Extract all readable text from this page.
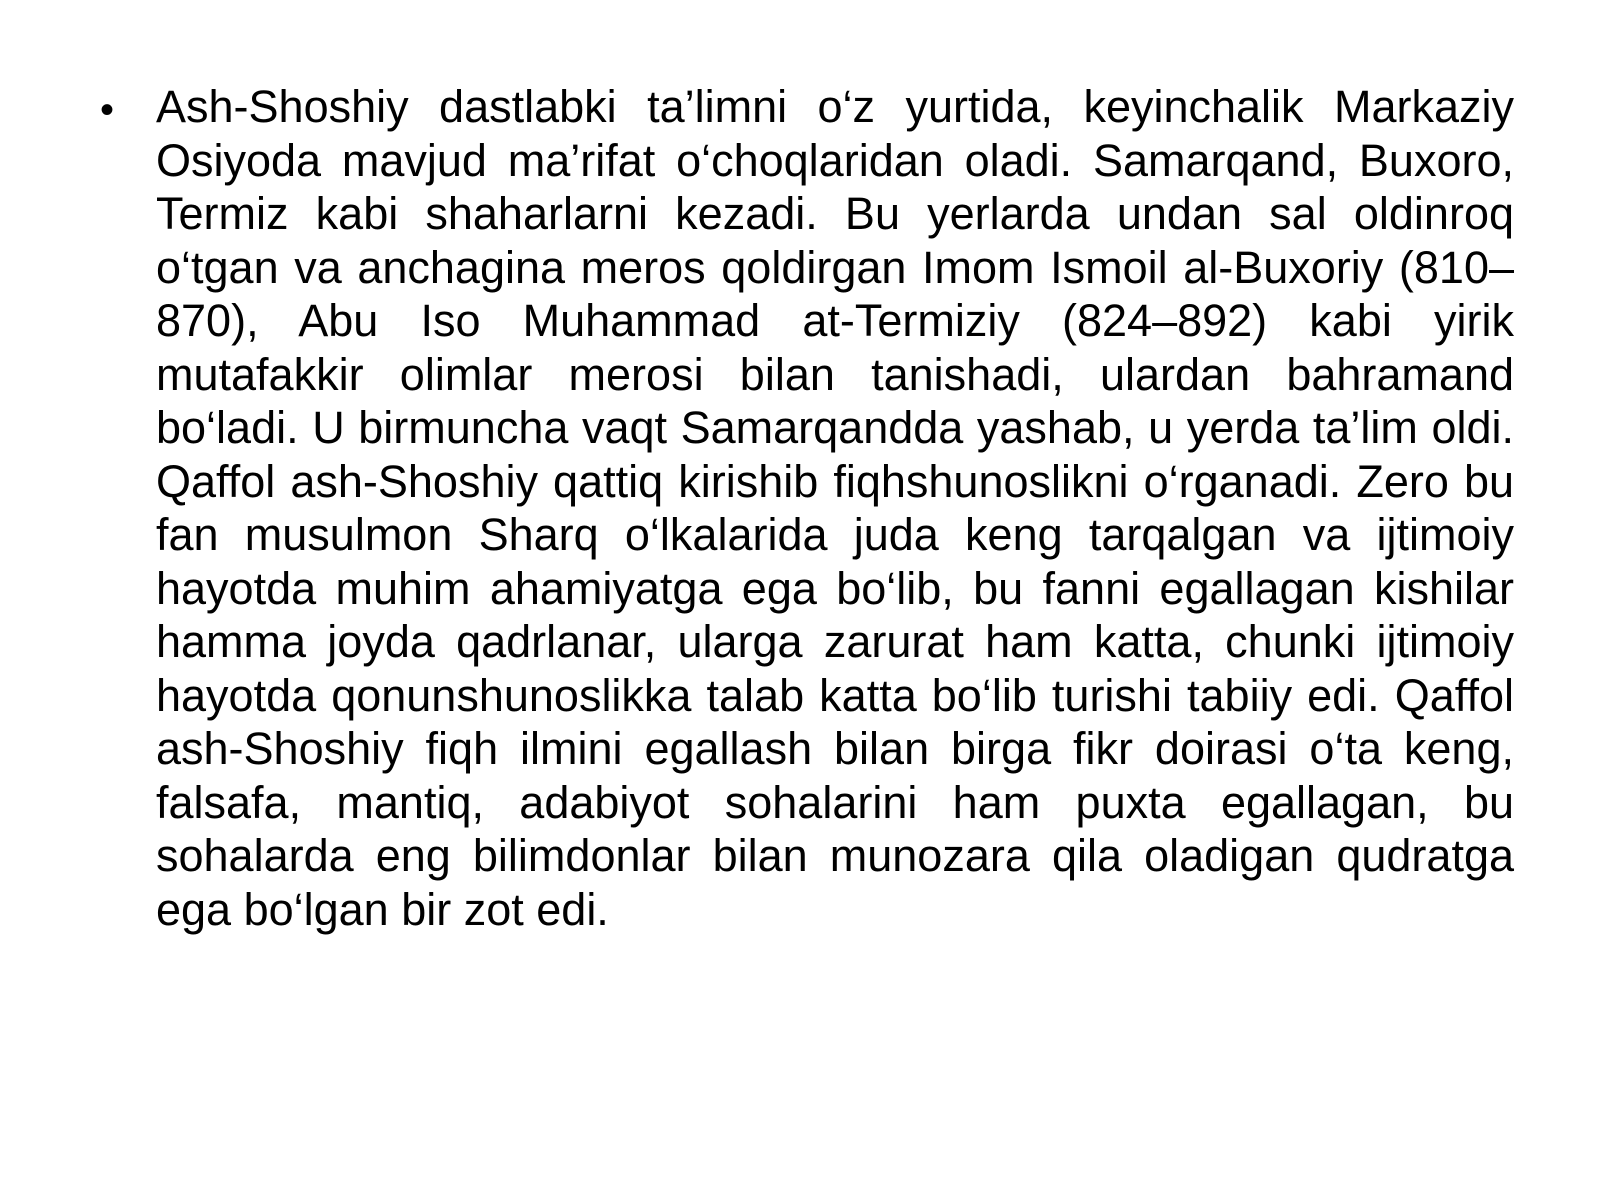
• Ash-Shoshiy dastlabki ta’limni o‘z yurtida, keyinchalik Markaziy Osiyoda mavjud ma’rifat o‘choqlaridan oladi. Samarqand, Buxoro, Termiz kabi shaharlarni kezadi. Bu yerlarda undan sal oldinroq o‘tgan va anchagina meros qoldirgan Imom Ismoil al-Buxoriy (810–870), Abu Iso Muhammad at-Termiziy (824–892) kabi yirik mutafakkir olimlar merosi bilan tanishadi, ulardan bahramand bo‘ladi. U birmuncha vaqt Samarqandda yashab, u yerda ta’lim oldi. Qaffol ash-Shoshiy qattiq kirishib fiqhshunoslikni o‘rganadi. Zero bu fan musulmon Sharq o‘lkalarida juda keng tarqalgan va ijtimoiy hayotda muhim ahamiyatga ega bo‘lib, bu fanni egallagan kishilar hamma joyda qadrlanar, ularga zarurat ham katta, chunki ijtimoiy hayotda qonunshunoslikka talab katta bo‘lib turishi tabiiy edi. Qaffol ash-Shoshiy fiqh ilmini egallash bilan birga fikr doirasi o‘ta keng, falsafa, mantiq, adabiyot sohalarini ham puxta egallagan, bu sohalarda eng bilimdonlar bilan munozara qila oladigan qudratga ega bo‘lgan bir zot edi.
